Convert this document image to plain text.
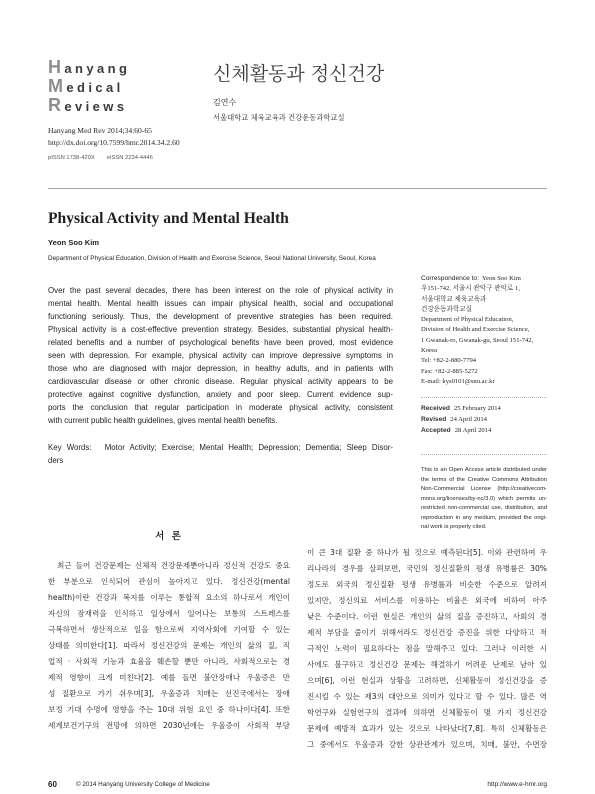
Hanyang
Medical
Reviews
신체활동과 정신건강
김연수
서울대학교 체육교육과 건강운동과학교실
Hanyang Med Rev 2014;34:60-65
http://dx.doi.org/10.7599/hmr.2014.34.2.60
pISSN 1738-429X eISSN 2234-4446
Physical Activity and Mental Health
Yeon Soo Kim
Department of Physical Education, Division of Health and Exercise Science, Seoul National University, Seoul, Korea
Over the past several decades, there has been interest on the role of physical activity in
mental health. Mental health issues can impair physical health, social and occupational
functioning seriously. Thus, the development of preventive strategies has been required.
Physical activity is a cost-effective prevention strategy. Besides, substantial physical health-
related benefits and a number of psychological benefits have been proved, most evidence
seen with depression. For example, physical activity can improve depressive symptoms in
those who are diagnosed with major depression, in healthy adults, and in patients with
cardiovascular disease or other chronic disease. Regular physical activity appears to be
protective against cognitive dysfunction, anxiety and poor sleep. Current evidence sup-
ports the conclusion that regular participation in moderate physical activity, consistent
with current public health guidelines, gives mental health benefits.
Key Words: Motor Activity; Exercise; Mental Health; Depression; Dementia; Sleep Disor-
ders
Correspondence to: Yeon Soo Kim
우151-742, 서울시 관악구 관악로 1,
서울대학교 체육교육과
건강운동과학교실
Department of Physical Education,
Division of Health and Exercise Science,
1 Gwanak-ro, Gwanak-gu, Seoul 151-742,
Korea
Tel: +82-2-880-7794
Fax: +82-2-885-5272
E-mail: kys0101@snu.ac.kr
Received 25 February 2014
Revised 24 April 2014
Accepted 28 April 2014
This is an Open Access article distributed under
the terms of the Creative Commons Attribution
Non-Commercial License (http://creativecom-
mons.org/licenses/by-nc/3.0) which permits un-
restricted non-commercial use, distribution, and
reproduction in any medium, provided the origi-
nal work is properly cited.
서 론
최근 들어 건강문제는 신체적 건강문제뿐아니라 정신적 건강도 중요
한 부분으로 인식되어 관심이 높아지고 있다. 정신건강(mental
health)이란 건강과 복지를 이루는 통합적 요소의 하나로서 개인이
자신의 잠재력을 인식하고 일상에서 일어나는 보통의 스트레스를
극복하면서 생산적으로 일을 함으로써 지역사회에 기여할 수 있는
상태를 의미한다[1]. 따라서 정신건강의 문제는 개인의 삶의 질, 직
업적 · 사회적 기능과 효율을 훼손할 뿐만 아니라, 사회적으로는 경
제적 영향이 크게 미친다[2]. 예를 들면 불안장애나 우울증은 만
성 질환으로 가기 쉬우며[3], 우울증과 치매는 선진국에서는 장애
보정 기대 수명에 영향을 주는 10대 위험 요인 중 하나이다[4]. 또한
세계보건기구의 전망에 의하면 2030년에는 우울증이 사회적 부담
이 큰 3대 질환 중 하나가 될 것으로 예측된다[5]. 이와 관련하여 우
리나라의 경우를 살펴보면, 국민의 정신질환의 평생 유병률은 30%
정도로 외국의 정신질환 평생 유병률과 비슷한 수준으로 알려져
있지만, 정신의료 서비스를 이용하는 비율은 외국에 비하여 아주
낮은 수준이다. 이런 현실은 개인의 삶의 질을 증진하고, 사회의 경
제적 부담을 줄이기 위해서라도 정신건강 증진을 위한 다양하고 적
극적인 노력이 필요하다는 점을 말해주고 있다. 그러나 이러한 시
사에도 불구하고 정신건강 문제는 해결하기 어려운 난제로 남아 있
으며[6], 이런 현실과 상황을 고려하면, 신체활동이 정신건강을 증
진시킬 수 있는 제3의 대안으로 의미가 있다고 할 수 있다. 많은 역
학연구와 실험연구의 결과에 의하면 신체활동이 몇 가지 정신건강
문제에 예방적 효과가 있는 것으로 나타났다[7,8]. 특히 신체활동은
그 중에서도 우울증과 강한 상관관계가 있으며, 치매, 불안, 수면장
60	© 2014 Hanyang University College of Medicine	http://www.e-hmr.org
